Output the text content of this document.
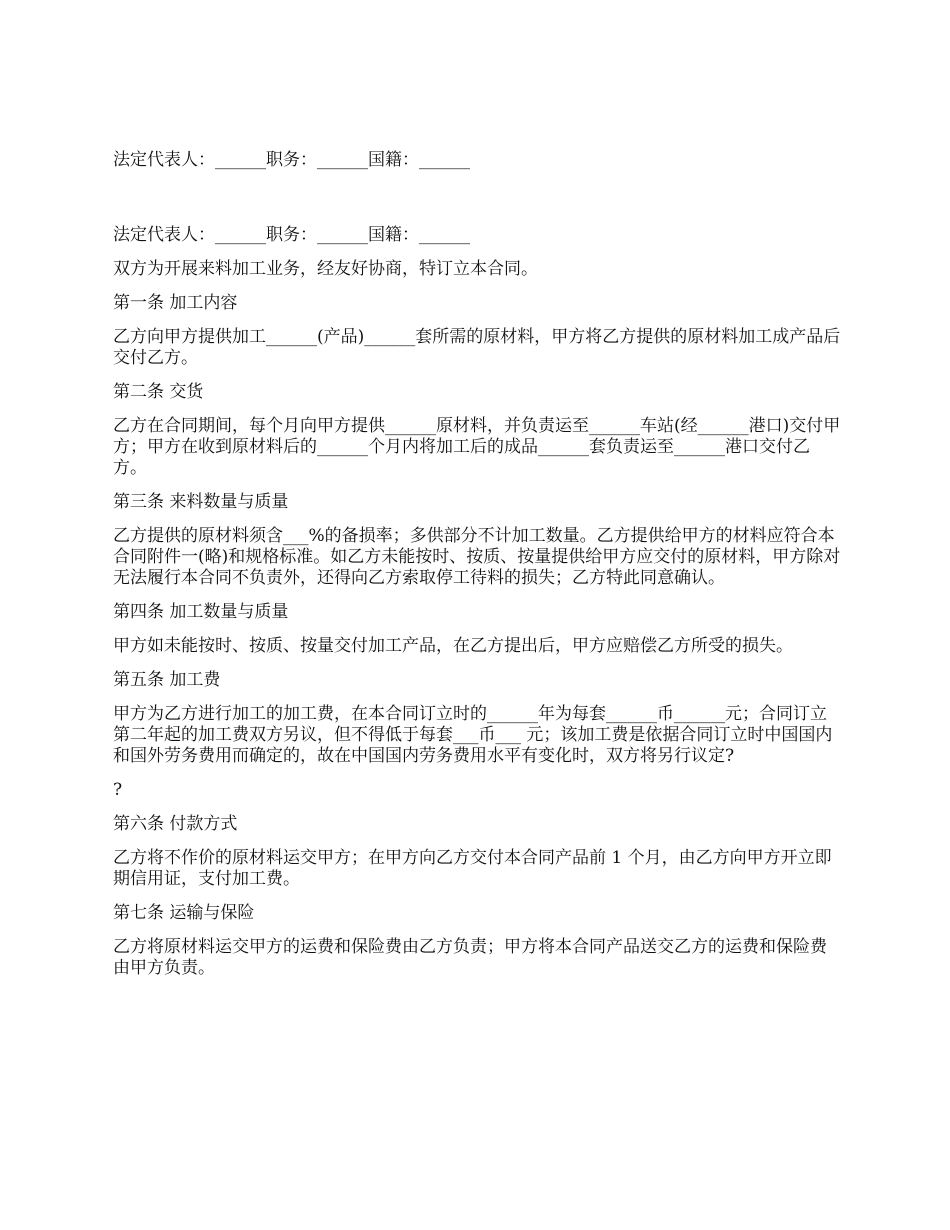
法定代表人：______职务：______国籍：______

法定代表人：______职务：______国籍：______

双方为开展来料加工业务，经友好协商，特订立本合同。

第一条 加工内容

乙方向甲方提供加工______(产品)______套所需的原材料，甲方将乙方提供的原材料加工成产品后交付乙方。

第二条 交货

乙方在合同期间，每个月向甲方提供______原材料，并负责运至______车站(经______港口)交付甲方；甲方在收到原材料后的______个月内将加工后的成品______套负责运至______港口交付乙方。

第三条 来料数量与质量

乙方提供的原材料须含___%的备损率；多供部分不计加工数量。乙方提供给甲方的材料应符合本合同附件一(略)和规格标准。如乙方未能按时、按质、按量提供给甲方应交付的原材料，甲方除对无法履行本合同不负责外，还得向乙方索取停工待料的损失；乙方特此同意确认。

第四条 加工数量与质量

甲方如未能按时、按质、按量交付加工产品，在乙方提出后，甲方应赔偿乙方所受的损失。

第五条 加工费

甲方为乙方进行加工的加工费，在本合同订立时的______年为每套______币______元；合同订立第二年起的加工费双方另议，但不得低于每套___币___ 元；该加工费是依据合同订立时中国国内和国外劳务费用而确定的，故在中国国内劳务费用水平有变化时，双方将另行议定?

?

第六条 付款方式

乙方将不作价的原材料运交甲方；在甲方向乙方交付本合同产品前 1 个月，由乙方向甲方开立即期信用证，支付加工费。

第七条 运输与保险

乙方将原材料运交甲方的运费和保险费由乙方负责；甲方将本合同产品送交乙方的运费和保险费由甲方负责。
